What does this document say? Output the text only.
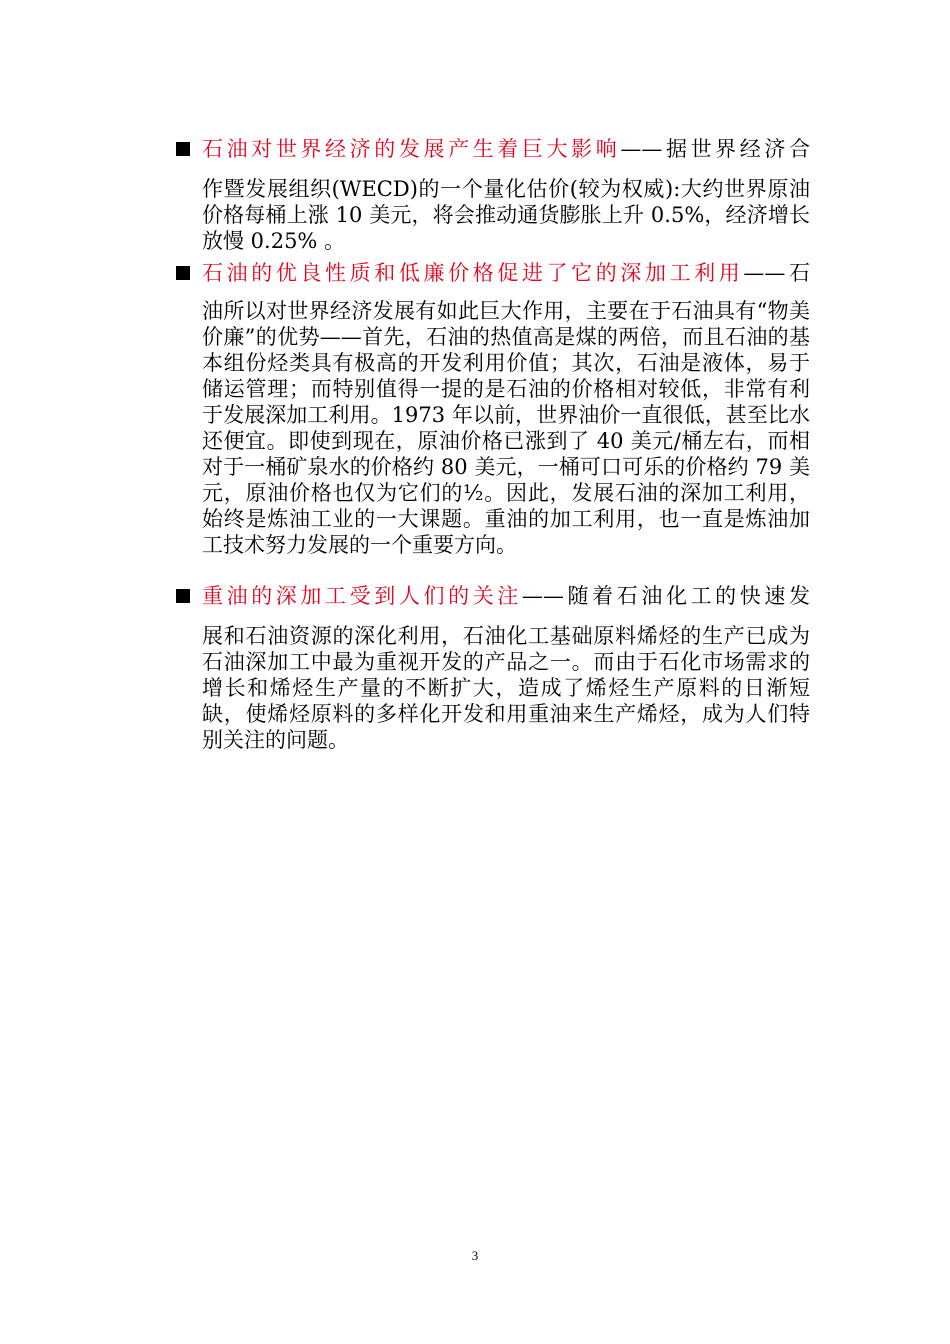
石油对世界经济的发展产生着巨大影响——据世界经济合
作暨发展组织(WECD)的一个量化估价(较为权威):大约世界原油价格每桶上涨 10 美元，将会推动通货膨胀上升 0.5%，经济增长放慢 0.25% 。
石油的优良性质和低廉价格促进了它的深加工利用——石
油所以对世界经济发展有如此巨大作用，主要在于石油具有“物美价廉”的优势——首先，石油的热值高是煤的两倍，而且石油的基本组份烃类具有极高的开发利用价值；其次，石油是液体，易于储运管理；而特别值得一提的是石油的价格相对较低，非常有利于发展深加工利用。1973 年以前，世界油价一直很低，甚至比水还便宜。即使到现在，原油价格已涨到了 40 美元/桶左右，而相对于一桶矿泉水的价格约 80 美元，一桶可口可乐的价格约 79 美元，原油价格也仅为它们的½。因此，发展石油的深加工利用，始终是炼油工业的一大课题。重油的加工利用，也一直是炼油加工技术努力发展的一个重要方向。
重油的深加工受到人们的关注——随着石油化工的快速发
展和石油资源的深化利用，石油化工基础原料烯烃的生产已成为石油深加工中最为重视开发的产品之一。而由于石化市场需求的增长和烯烃生产量的不断扩大，造成了烯烃生产原料的日渐短缺，使烯烃原料的多样化开发和用重油来生产烯烃，成为人们特别关注的问题。
3
